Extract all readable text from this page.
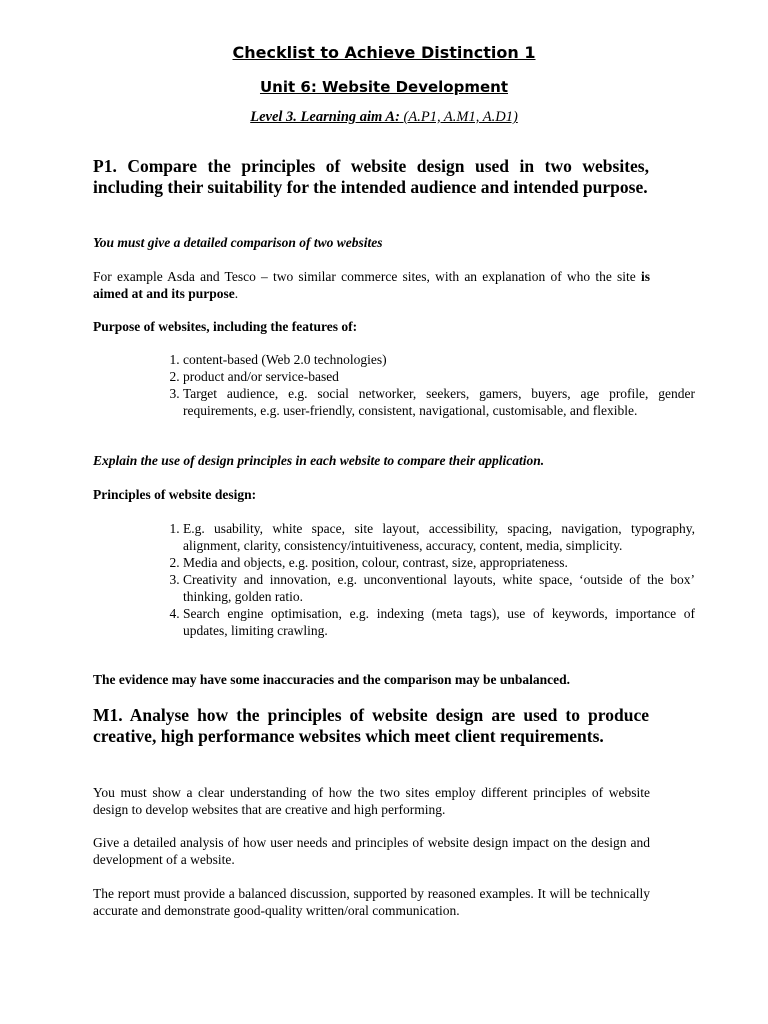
Checklist to Achieve Distinction 1
Unit 6: Website Development
Level 3. Learning aim A: (A.P1, A.M1, A.D1)
P1. Compare the principles of website design used in two websites, including their suitability for the intended audience and intended purpose.
You must give a detailed comparison of two websites
For example Asda and Tesco – two similar commerce sites, with an explanation of who the site is aimed at and its purpose.
Purpose of websites, including the features of:
1. content-based (Web 2.0 technologies)
2. product and/or service-based
3. Target audience, e.g. social networker, seekers, gamers, buyers, age profile, gender requirements, e.g. user-friendly, consistent, navigational, customisable, and flexible.
Explain the use of design principles in each website to compare their application.
Principles of website design:
1. E.g. usability, white space, site layout, accessibility, spacing, navigation, typography, alignment, clarity, consistency/intuitiveness, accuracy, content, media, simplicity.
2. Media and objects, e.g. position, colour, contrast, size, appropriateness.
3. Creativity and innovation, e.g. unconventional layouts, white space, ‘outside of the box’ thinking, golden ratio.
4. Search engine optimisation, e.g. indexing (meta tags), use of keywords, importance of updates, limiting crawling.
The evidence may have some inaccuracies and the comparison may be unbalanced.
M1. Analyse how the principles of website design are used to produce creative, high performance websites which meet client requirements.
You must show a clear understanding of how the two sites employ different principles of website design to develop websites that are creative and high performing.
Give a detailed analysis of how user needs and principles of website design impact on the design and development of a website.
The report must provide a balanced discussion, supported by reasoned examples. It will be technically accurate and demonstrate good-quality written/oral communication.
